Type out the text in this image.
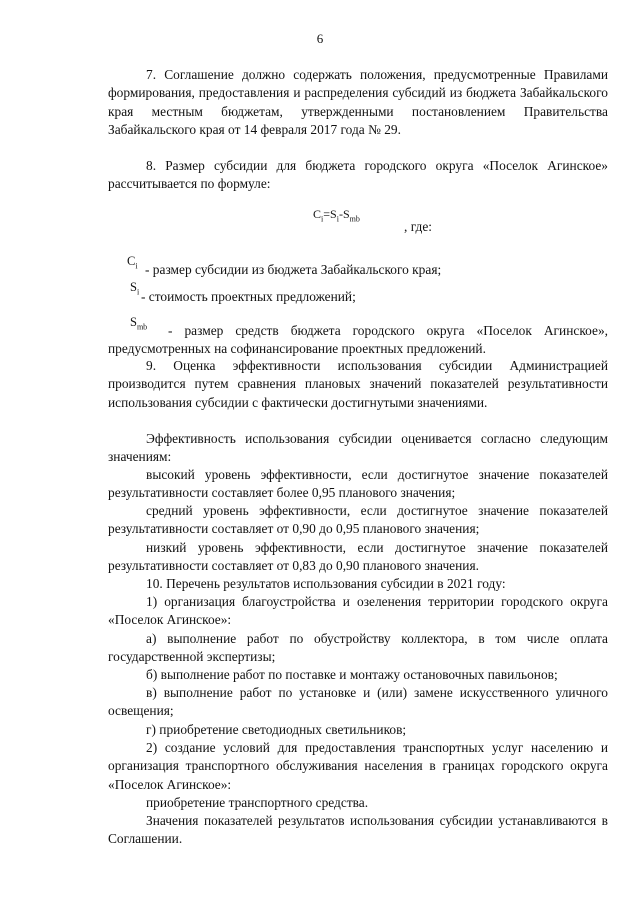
6

7. Соглашение должно содержать положения, предусмотренные Правилами формирования, предоставления и распределения субсидий из бюджета Забайкальского края местным бюджетам, утвержденными постановлением Правительства Забайкальского края от 14 февраля 2017 года № 29.

8. Размер субсидии для бюджета городского округа «Поселок Агинское» рассчитывается по формуле:

$C_i=S_i-S_{mb}$
, где:
$C_i$ - размер субсидии из бюджета Забайкальского края;
$S_i$ - стоимость проектных предложений;
$S_{mb}$ - размер средств бюджета городского округа «Поселок Агинское»,
предусмотренных на софинансирование проектных предложений.

9. Оценка эффективности использования субсидии Администрацией производится путем сравнения плановых значений показателей результативности использования субсидии с фактически достигнутыми значениями.

Эффективность использования субсидии оценивается согласно следующим значениям:

высокий уровень эффективности, если достигнутое значение показателей результативности составляет более 0,95 планового значения;

средний уровень эффективности, если достигнутое значение показателей результативности составляет от 0,90 до 0,95 планового значения;

низкий уровень эффективности, если достигнутое значение показателей результативности составляет от 0,83 до 0,90 планового значения.

10. Перечень результатов использования субсидии в 2021 году:

1) организация благоустройства и озеленения территории городского округа «Поселок Агинское»:

а) выполнение работ по обустройству коллектора, в том числе оплата государственной экспертизы;

б) выполнение работ по поставке и монтажу остановочных павильонов;

в) выполнение работ по установке и (или) замене искусственного уличного освещения;

г) приобретение светодиодных светильников;

2) создание условий для предоставления транспортных услуг населению и организация транспортного обслуживания населения в границах городского округа «Поселок Агинское»:

приобретение транспортного средства.

Значения показателей результатов использования субсидии устанавливаются в Соглашении.
